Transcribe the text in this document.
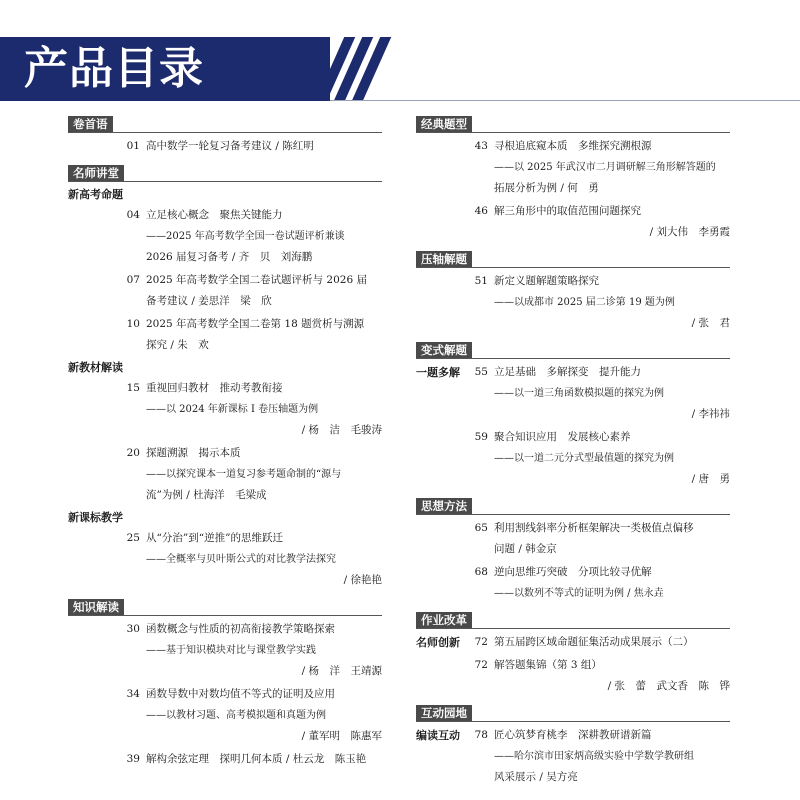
产品目录
卷首语
01 高中数学一轮复习备考建议 / 陈红明
名师讲堂
新高考命题
04 立足核心概念　聚焦关键能力
——2025 年高考数学全国一卷试题评析兼谈
2026 届复习备考 / 齐　贝　刘海鹏
07 2025 年高考数学全国二卷试题评析与 2026 届
备考建议 / 姜思洋　梁　欣
10 2025 年高考数学全国二卷第 18 题赏析与溯源
探究 / 朱　欢
新教材解读
15 重视回归教材　推动考教衔接
——以 2024 年新课标 Ⅰ 卷压轴题为例
/ 杨　洁　毛骏涛
20 探题溯源　揭示本质
——以探究课本一道复习参考题命制的“源与
流”为例 / 杜海洋　毛梁成
新课标教学
25 从“分治”到“逆推”的思维跃迁
——全概率与贝叶斯公式的对比教学法探究
/ 徐艳艳
知识解读
30 函数概念与性质的初高衔接教学策略探索
——基于知识模块对比与课堂教学实践
/ 杨　洋　王靖源
34 函数导数中对数均值不等式的证明及应用
——以教材习题、高考模拟题和真题为例
/ 董军明　陈惠军
39 解构余弦定理　探明几何本质 / 杜云龙　陈玉艳
经典题型
43 寻根追底窥本质　多维探究溯根源
——以 2025 年武汉市二月调研解三角形解答题的
拓展分析为例 / 何　勇
46 解三角形中的取值范围问题探究
/ 刘大伟　李勇霞
压轴解题
51 新定义题解题策略探究
——以成都市 2025 届二诊第 19 题为例
/ 张　君
变式解题
一题多解	55 立足基础　多解探变　提升能力
——以一道三角函数模拟题的探究为例
/ 李祎祎
59 聚合知识应用　发展核心素养
——以一道二元分式型最值题的探究为例
/ 唐　勇
思想方法
65 利用割线斜率分析框架解决一类极值点偏移
问题 / 韩金京
68 逆向思维巧突破　分项比较寻优解
——以数列不等式的证明为例 / 焦永垚
作业改革
名师创新	72 第五届跨区域命题征集活动成果展示（二）
72 解答题集锦（第 3 组）
/ 张　蕾　武文香　陈　铧
互动园地
编读互动	78 匠心筑梦育桃李　深耕教研谱新篇
——哈尔滨市田家炳高级实验中学数学教研组
风采展示 / 吴方亮
